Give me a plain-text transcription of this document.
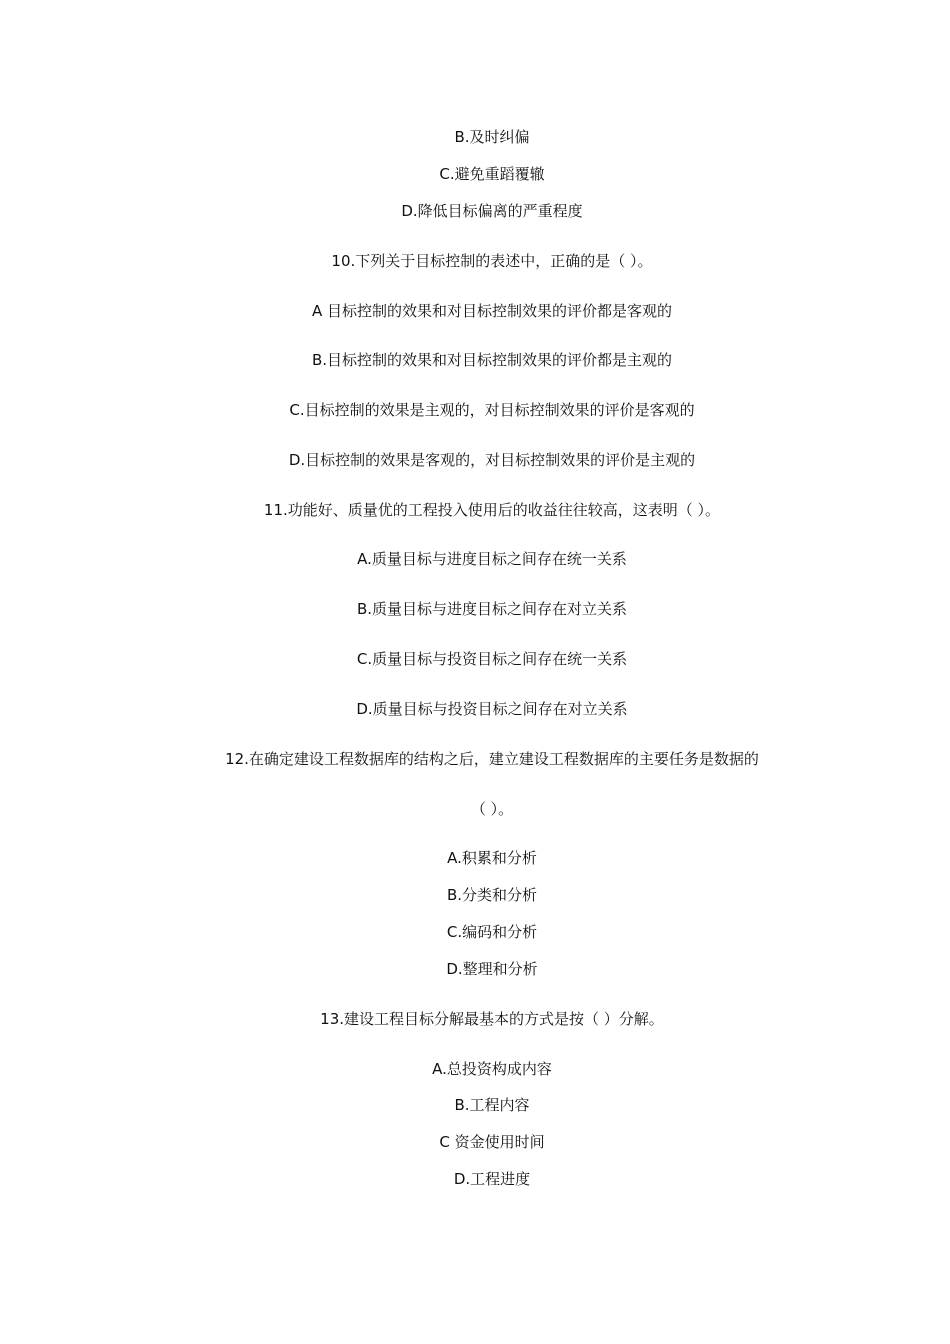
B.及时纠偏
C.避免重蹈覆辙
D.降低目标偏离的严重程度
10.下列关于目标控制的表述中，正确的是（ ）。
A 目标控制的效果和对目标控制效果的评价都是客观的
B.目标控制的效果和对目标控制效果的评价都是主观的
C.目标控制的效果是主观的，对目标控制效果的评价是客观的
D.目标控制的效果是客观的，对目标控制效果的评价是主观的
11.功能好、质量优的工程投入使用后的收益往往较高，这表明（ ）。
A.质量目标与进度目标之间存在统一关系
B.质量目标与进度目标之间存在对立关系
C.质量目标与投资目标之间存在统一关系
D.质量目标与投资目标之间存在对立关系
12.在确定建设工程数据库的结构之后，建立建设工程数据库的主要任务是数据的
（ ）。
A.积累和分析
B.分类和分析
C.编码和分析
D.整理和分析
13.建设工程目标分解最基本的方式是按（ ）分解。
A.总投资构成内容
B.工程内容
C 资金使用时间
D.工程进度
